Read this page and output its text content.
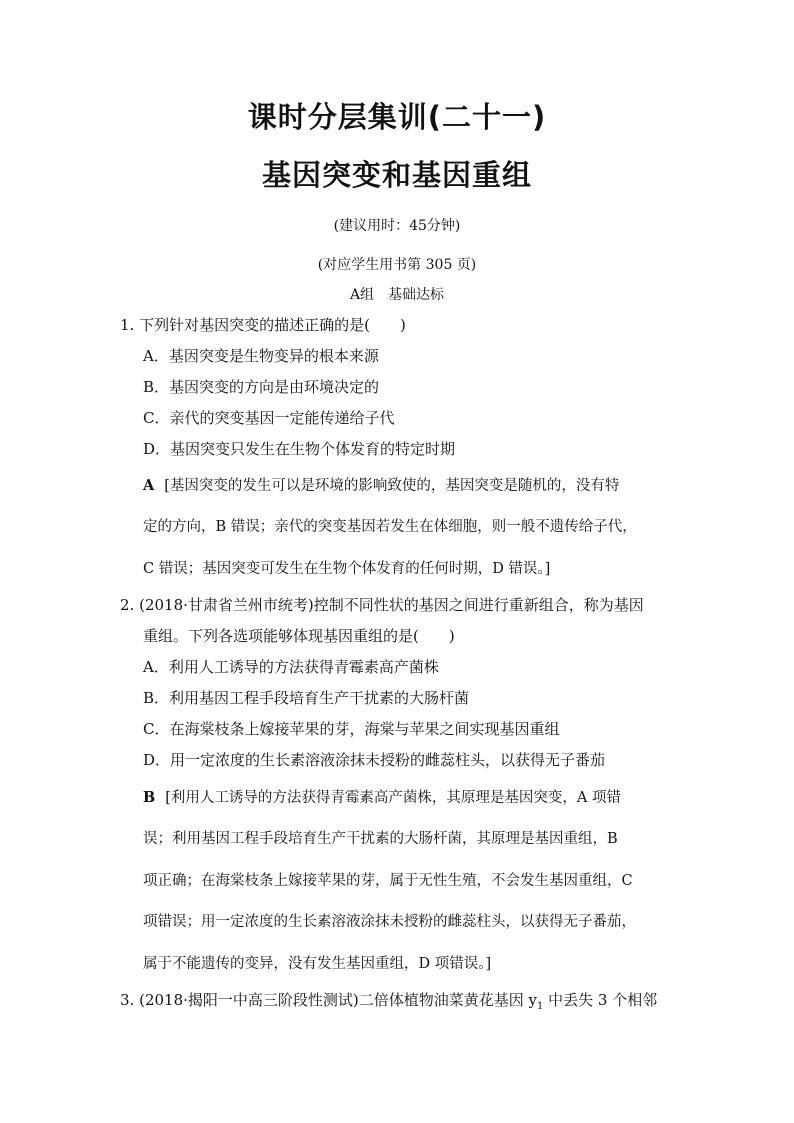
课时分层集训(二十一)
基因突变和基因重组
(建议用时：45分钟)
(对应学生用书第 305 页)
A组　基础达标
1. 下列针对基因突变的描述正确的是(　　)
A．基因突变是生物变异的根本来源
B．基因突变的方向是由环境决定的
C．亲代的突变基因一定能传递给子代
D．基因突变只发生在生物个体发育的特定时期
A [基因突变的发生可以是环境的影响致使的，基因突变是随机的，没有特
定的方向，B 错误；亲代的突变基因若发生在体细胞，则一般不遗传给子代，
C 错误；基因突变可发生在生物个体发育的任何时期，D 错误。]
2. (2018·甘肃省兰州市统考)控制不同性状的基因之间进行重新组合，称为基因
重组。下列各选项能够体现基因重组的是(　　)
A．利用人工诱导的方法获得青霉素高产菌株
B．利用基因工程手段培育生产干扰素的大肠杆菌
C．在海棠枝条上嫁接苹果的芽，海棠与苹果之间实现基因重组
D．用一定浓度的生长素溶液涂抹未授粉的雌蕊柱头，以获得无子番茄
B [利用人工诱导的方法获得青霉素高产菌株，其原理是基因突变，A 项错
误；利用基因工程手段培育生产干扰素的大肠杆菌，其原理是基因重组，B
项正确；在海棠枝条上嫁接苹果的芽，属于无性生殖，不会发生基因重组，C
项错误；用一定浓度的生长素溶液涂抹未授粉的雌蕊柱头，以获得无子番茄，
属于不能遗传的变异，没有发生基因重组，D 项错误。]
3. (2018·揭阳一中高三阶段性测试)二倍体植物油菜黄花基因 $y_1$ 中丢失 3 个相邻
